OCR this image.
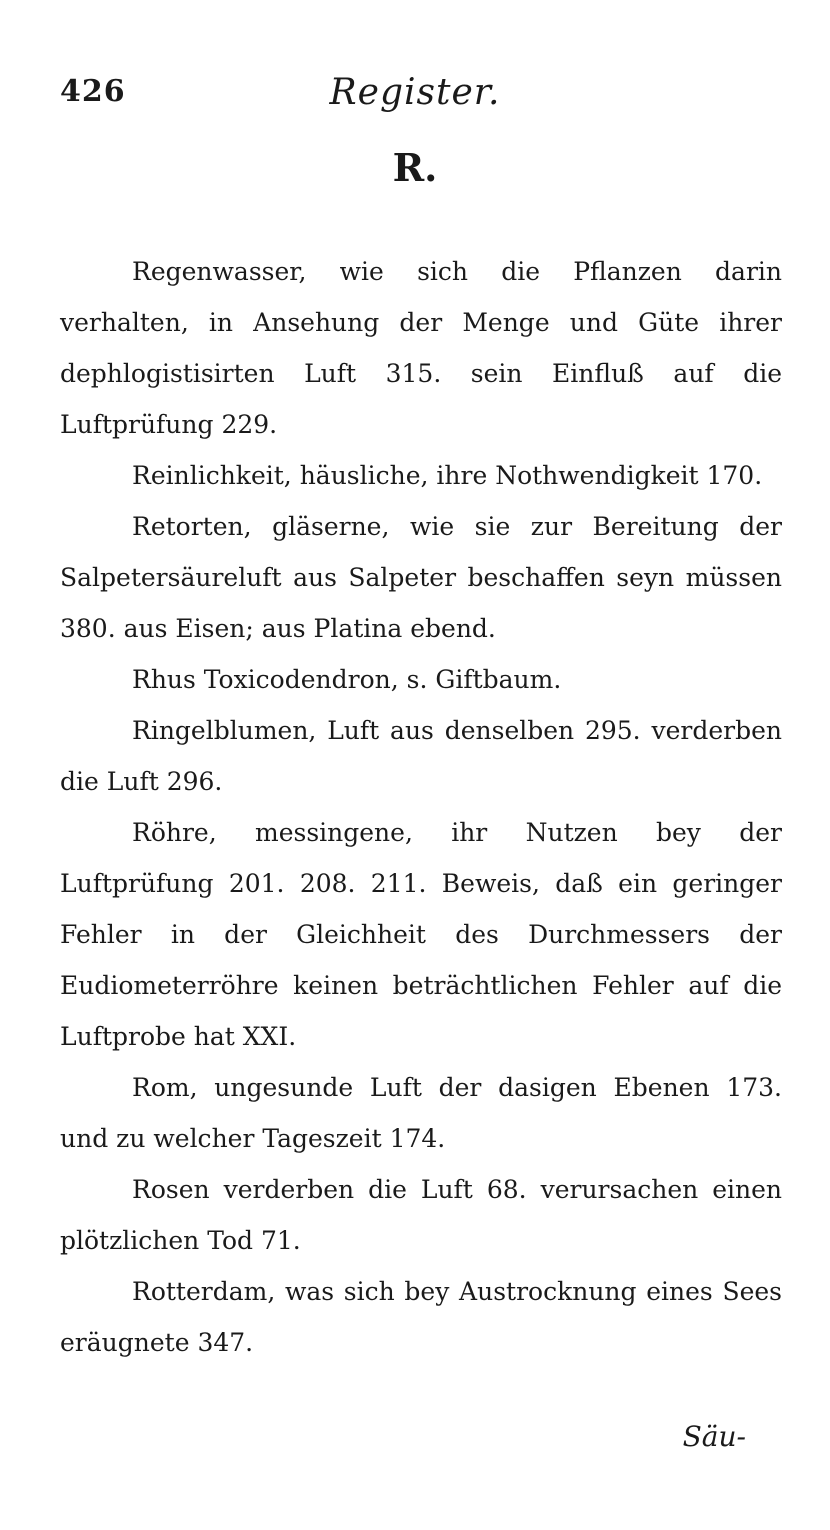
426	Register.
R.

Regenwasser, wie sich die Pflanzen darin verhalten, in Ansehung der Menge und Güte ihrer dephlogistisirten Luft 315. sein Einfluß auf die Luftprüfung 229.

Reinlichkeit, häusliche, ihre Nothwendigkeit 170.

Retorten, gläserne, wie sie zur Bereitung der Salpetersäureluft aus Salpeter beschaffen seyn müssen 380. aus Eisen; aus Platina ebend.

Rhus Toxicodendron, s. Giftbaum.

Ringelblumen, Luft aus denselben 295. verderben die Luft 296.

Röhre, messingene, ihr Nutzen bey der Luftprüfung 201. 208. 211. Beweis, daß ein geringer Fehler in der Gleichheit des Durchmessers der Eudiometerröhre keinen beträchtlichen Fehler auf die Luftprobe hat XXI.

Rom, ungesunde Luft der dasigen Ebenen 173. und zu welcher Tageszeit 174.

Rosen verderben die Luft 68. verursachen einen plötzlichen Tod 71.

Rotterdam, was sich bey Austrocknung eines Sees eräugnete 347.

Säu-
